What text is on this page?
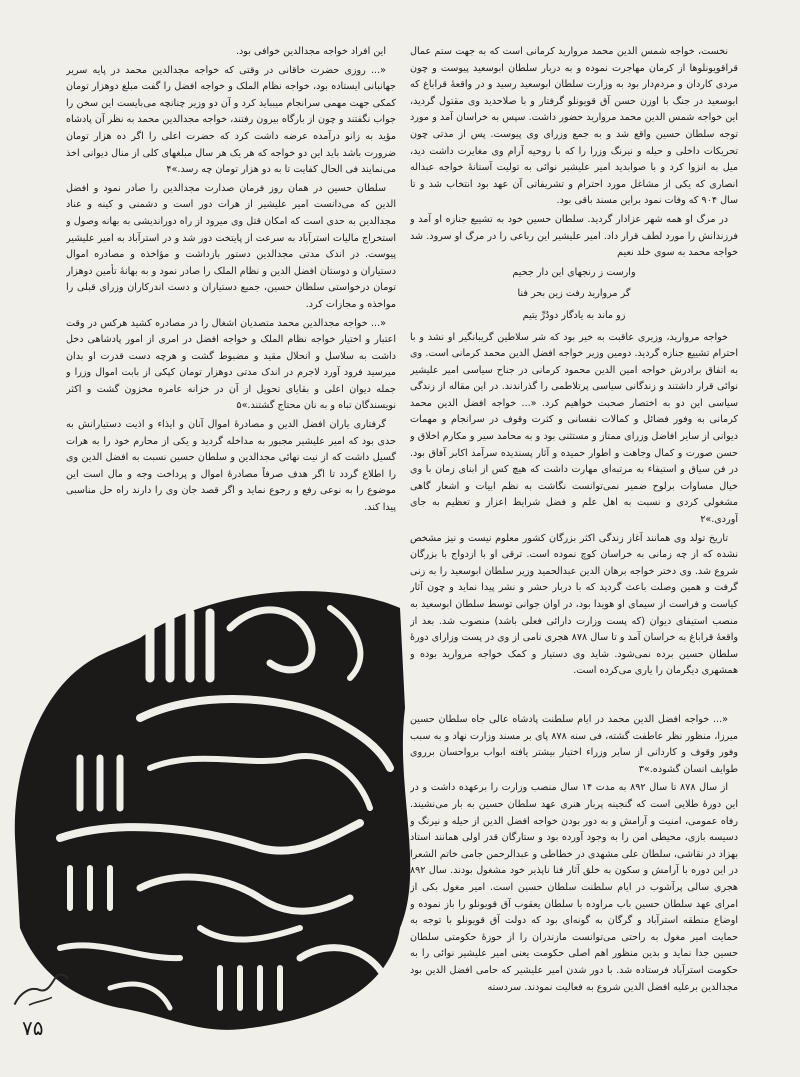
نخست، خواجه شمس الدین محمد مروارید کرمانی است که به جهت ستم عمال قراقویونلوها از کرمان مهاجرت نموده و به دربار سلطان ابوسعید پیوست و چون مردی کاردان و مردم‌دار بود به وزارت سلطان ابوسعید رسید و در واقعهٔ قراباغ که ابوسعید در جنگ با اوزن حسن آق قویونلو گرفتار و با صلاحدید وی مقتول گردید، این خواجه شمس الدین محمد مروارید حضور داشت. سپس به خراسان آمد و مورد توجه سلطان حسین واقع شد و به جمع وزرای وی پیوست. پس از مدتی چون تحریکات داخلی و حیله و نیرنگ وزرا را که با روحیه آرام وی مغایرت داشت دید، میل به انزوا کرد و با صوابدید امیر علیشیر نوائی به تولیت آستانهٔ خواجه عبداله انصاری که یکی از مشاغل مورد احترام و تشریفاتی آن عهد بود انتخاب شد و تا سال ۹۰۴ که وفات نمود براین مسند باقی بود.

در مرگ او همه شهر عزادار گردید. سلطان حسین خود به تشییع جنازه او آمد و فرزندانش را مورد لطف قرار داد. امیر علیشیر این رباعی را در مرگ او سرود. شد خواجه محمد به سوی خلد نعیم

وارست ز رنجهای این دار جحیم

گر مروارید رفت زین بحر فنا

زو ماند به یادگار دودُرِّ یتیم

خواجه مروارید، وزیری عاقبت به خیر بود که شر سلاطین گریبانگیر او نشد و با احترام تشییع جنازه گردید. دومین وزیر خواجه افضل الدین محمد کرمانی است. وی به اتفاق برادرش خواجه امین الدین محمود کرمانی در جناح سیاسی امیر علیشیر نوائی قرار داشتند و زندگانی سیاسی پرتلاطمی را گذراندند. در این مقاله از زندگی سیاسی این دو به اختصار صحبت خواهیم کرد. «... خواجه افضل الدین محمد کرمانی به وفور فضائل و کمالات نفسانی و کثرت وقوف در سرانجام و مهمات دیوانی از سایر افاضل وزرای ممتاز و مستثنی بود و به محامد سیر و مکارم اخلاق و حسن صورت و کمال وجاهت و اطوار حمیده و آثار پسندیده سرآمد اکابر آفاق بود. در فن سیاق و استیفاء به مرتبه‌ای مهارت داشت که هیچ کس از ابنای زمان با وی خیال مساوات برلوح ضمیر نمی‌توانست نگاشت به نظم ابیات و اشعار گاهی مشغولی کردی و نسبت به اهل علم و فضل شرایط اعزاز و تعظیم به جای آوردی.»۲

تاریخ تولد وی همانند آغاز زندگی اکثر بزرگان کشور معلوم نیست و نیز مشخص نشده که از چه زمانی به خراسان کوچ نموده است. ترقی او با ازدواج با بزرگان شروع شد. وی دختر خواجه برهان الدین عبدالحمید وزیر سلطان ابوسعید را به زنی گرفت و همین وصلت باعث گردید که با دربار حشر و نشر پیدا نماید و چون آثار کیاست و فراست از سیمای او هویدا بود، در اوان جوانی توسط سلطان ابوسعید به منصب استیفای دیوان (که پست وزارت دارائی فعلی باشد) منصوب شد. بعد از واقعهٔ قراباغ به خراسان آمد و تا سال ۸۷۸ هجری نامی از وی در پست وزارای دورهٔ سلطان حسین برده نمی‌شود. شاید وی دستیار و کمک خواجه مروارید بوده و همشهری دیگرمان را یاری می‌کرده است.

این افراد خواجه مجدالدین خوافی بود.

«... روزی حضرت خاقانی در وقتی که خواجه مجدالدین محمد در پایه سریر جهانبانی ایستاده بود، خواجه نظام الملک و خواجه افضل را گفت مبلغ دوهزار تومان کمکی جهت مهمی سرانجام میبباید کرد و آن دو وزیر چنانچه می‌بایست این سخن را جواب نگفتند و چون از بارگاه بیرون رفتند، خواجه مجدالدین محمد به نظر آن پادشاه مؤید به زانو درآمده عرضه داشت کرد که حضرت اعلی را اگر ده هزار تومان ضرورت باشد باید این دو خواجه که هر یک هر سال مبلغهای کلی از منال دیوانی اخذ می‌نمایند فی الحال کفایت تا به دو هزار تومان چه رسد.»۴

سلطان حسین در همان روز فرمان صدارت مجدالدین را صادر نمود و افضل الدین که می‌دانست امیر علیشیر از هرات دور است و دشمنی و کینه و عناد مجدالدین به حدی است که امکان قتل وی میرود از راه دوراندیشی به بهانه وصول و استخراج مالیات استرآباد به سرعت از پایتخت دور شد و در استرآباد به امیر علیشیر پیوست. در اندک مدتی مجدالدین دستور بازداشت و مؤاخذه و مصادره اموال دستیاران و دوستان افضل الدین و نظام الملک را صادر نمود و به بهانهٔ تأمین دوهزار تومان درخواستی سلطان حسین، جمیع دستیاران و دست اندرکاران وزرای قبلی را مواخذه و مجازات کرد.

«... خواجه مجدالدین محمد متصدیان اشغال را در مصادره کشید هرکس در وقت اعتبار و اختیار خواجه نظام الملک و خواجه افضل در امری از امور پادشاهی دخل داشت به سلاسل و انحلال مقید و مضبوط گشت و هرچه دست قدرت او بدان میرسید فرود آورد لاجرم در اندک مدتی دوهزار تومان کپکی از بابت اموال وزرا و جمله دیوان اعلی و بقایای تحویل از آن در خزانه عامره مخزون گشت و اکثر نویسندگان تباه و به نان محتاج گشتند.»۵

گرفتاری یاران افضل الدین و مصادرهٔ اموال آنان و ایذاء و اذیت دستیارانش به حدی بود که امیر علیشیر مجبور به مداخله گردید و یکی از محارم خود را به هرات گسیل داشت که از نیت نهائی مجدالدین و سلطان حسین نسبت به افضل الدین وی را اطلاع گردد تا اگر هدف صرفاً مصادرهٔ اموال و پرداخت وجه و مال است این موضوع را به نوعی رفع و رجوع نماید و اگر قصد جان وی را دارند راه حل مناسبی پیدا کند.

«... خواجه افضل الدین محمد در ایام سلطنت پادشاه عالی جاه سلطان حسین میرزا، منظور نظر عاطفت گشته، فی سنه ۸۷۸ پای بر مسند وزارت نهاد و به سبب وفور وقوف و کاردانی از سایر وزراء اختیار بیشتر یافته ابواب برواحسان برروی طوایف انسان گشوده.»۳

از سال ۸۷۸ تا سال ۸۹۲ به مدت ۱۴ سال منصب وزارت را برعهده داشت و در این دورهٔ طلایی است که گنجینه پربار هنری عهد سلطان حسین به بار می‌نشیند. رفاه عمومی، امنیت و آرامش و به دور بودن خواجه افضل الدین از حیله و نیرنگ و دسیسه بازی، محیطی امن را به وجود آورده بود و ستارگان قدر اولی همانند استاد بهزاد در نقاشی، سلطان علی مشهدی در خطاطی و عبدالرحمن جامی خاتم الشعرا در این دوره با آرامش و سکون به خلق آثار فنا ناپذیر خود مشغول بودند. سال ۸۹۲ هجری سالی پرآشوب در ایام سلطنت سلطان حسین است. امیر مغول بکی از امرای عهد سلطان حسین باب مراوده با سلطان یعقوب آق قویونلو را باز نموده و اوضاع منطقه استرآباد و گرگان به گونه‌ای بود که دولت آق قویونلو با توجه به حمایت امیر مغول به راحتی می‌توانست مازندران را از حوزهٔ حکومتی سلطان حسین جدا نماید و بدین منظور اهم اصلی حکومت یعنی امیر علیشیر نوائی را به حکومت استرآباد فرستاده شد. با دور شدن امیر علیشیر که حامی افضل الدین بود مجدالدین برعلیه افضل الدین شروع به فعالیت نمودند. سردسته

۷۵
